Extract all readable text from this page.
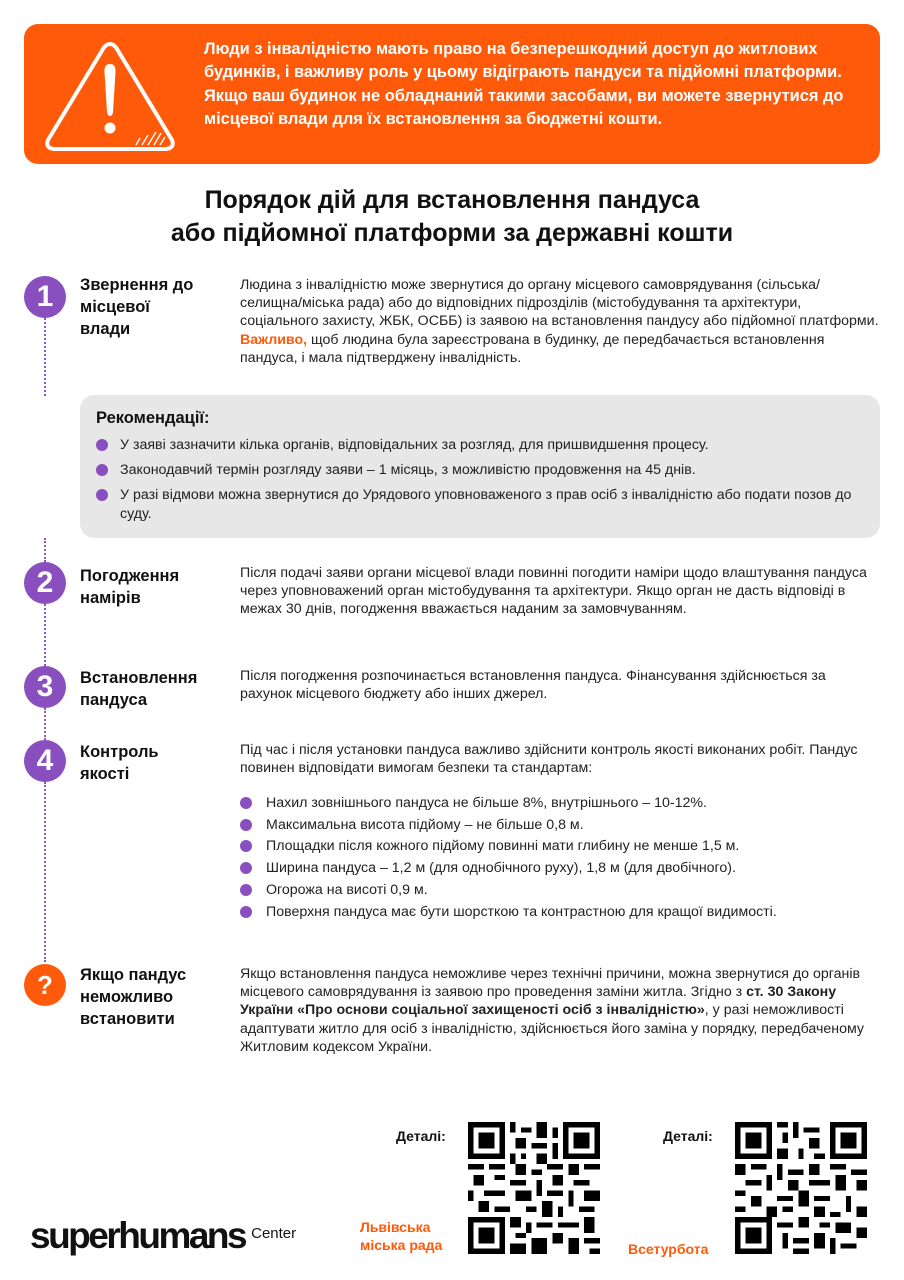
Люди з інвалідністю мають право на безперешкодний доступ до житлових будинків, і важливу роль у цьому відіграють пандуси та підйомні платформи. Якщо ваш будинок не обладнаний такими засобами, ви можете звернутися до місцевої влади для їх встановлення за бюджетні кошти.
Порядок дій для встановлення пандуса
або підйомної платформи за державні кошти
1	Звернення до місцевої влади
Людина з інвалідністю може звернутися до органу місцевого самоврядування (сільська/селищна/міська рада) або до відповідних підрозділів (містобудування та архітектури, соціального захисту, ЖБК, ОСББ) із заявою на встановлення пандусу або підйомної платформи. Важливо, щоб людина була зареєстрована в будинку, де передбачається встановлення пандуса, і мала підтверджену інвалідність.
Рекомендації:
У заяві зазначити кілька органів, відповідальних за розгляд, для пришвидшення процесу.
Законодавчий термін розгляду заяви – 1 місяць, з можливістю продовження на 45 днів.
У разі відмови можна звернутися до Урядового уповноваженого з прав осіб з інвалідністю або подати позов до суду.
2	Погодження намірів
Після подачі заяви органи місцевої влади повинні погодити наміри щодо влаштування пандуса через уповноважений орган містобудування та архітектури. Якщо орган не дасть відповіді в межах 30 днів, погодження вважається наданим за замовчуванням.
3	Встановлення пандуса
Після погодження розпочинається встановлення пандуса. Фінансування здійснюється за рахунок місцевого бюджету або інших джерел.
4	Контроль якості
Під час і після установки пандуса важливо здійснити контроль якості виконаних робіт. Пандус повинен відповідати вимогам безпеки та стандартам:
Нахил зовнішнього пандуса не більше 8%, внутрішнього – 10-12%.
Максимальна висота підйому – не більше 0,8 м.
Площадки після кожного підйому повинні мати глибину не менше 1,5 м.
Ширина пандуса – 1,2 м (для однобічного руху), 1,8 м (для двобічного).
Огорожа на висоті 0,9 м.
Поверхня пандуса має бути шорсткою та контрастною для кращої видимості.
?	Якщо пандус неможливо встановити
Якщо встановлення пандуса неможливе через технічні причини, можна звернутися до органів місцевого самоврядування із заявою про проведення заміни житла. Згідно з ст. 30 Закону України «Про основи соціальної захищеності осіб з інвалідністю», у разі неможливості адаптувати житло для осіб з інвалідністю, здійснюється його заміна у порядку, передбаченому Житловим кодексом України.
superhumans $^{Center}$
Деталі:
Львівська міська рада
Деталі:
Всетурбота
